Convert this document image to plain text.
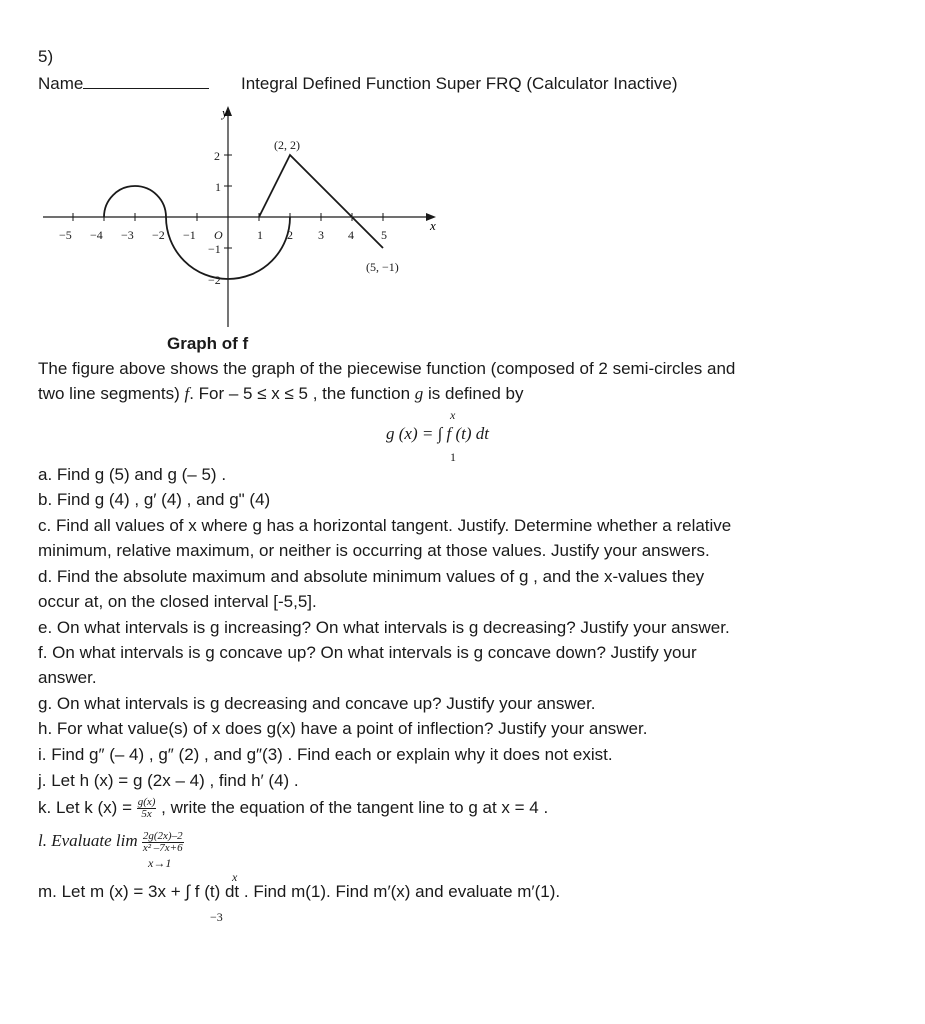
5)
Name	Integral Defined Function Super FRQ (Calculator Inactive)
x
y
−5 −4 −3 −2 −1 O	1 2 3 4 5
2
1
−1
−2
(2, 2)
(5, −1)
Graph of f
The figure above shows the graph of the piecewise function (composed of 2 semi-circles and
two line segments) f. For – 5 ≤ x ≤ 5 , the function g is defined by
x
g (x) = ∫ f (t) dt
1
a. Find g (5) and g (– 5) .
b. Find g (4) , g′ (4) , and g" (4)
c. Find all values of x where g has a horizontal tangent. Justify. Determine whether a relative
minimum, relative maximum, or neither is occurring at those values. Justify your answers.
d. Find the absolute maximum and absolute minimum values of g , and the x-values they
occur at, on the closed interval [-5,5].
e. On what intervals is g increasing? On what intervals is g decreasing? Justify your answer.
f. On what intervals is g concave up? On what intervals is g concave down? Justify your
answer.
g. On what intervals is g decreasing and concave up? Justify your answer.
h. For what value(s) of x does g(x) have a point of inflection? Justify your answer.
i. Find g″ (– 4) , g″ (2) , and g″(3) . Find each or explain why it does not exist.
j. Let h (x) = g (2x – 4) , find h′ (4) .
k. Let k $(x) = \frac{g(x)}{5x}$ , write the equation of the tangent line to g at x = 4 .
l. Evaluate $\lim \frac{2g(2x)-2}{\text{x² –7x+6}}$
x→1
x
m. Let m (x) = 3x + ∫ f (t) dt . Find m(1). Find m′(x) and evaluate m′(1).
−3
